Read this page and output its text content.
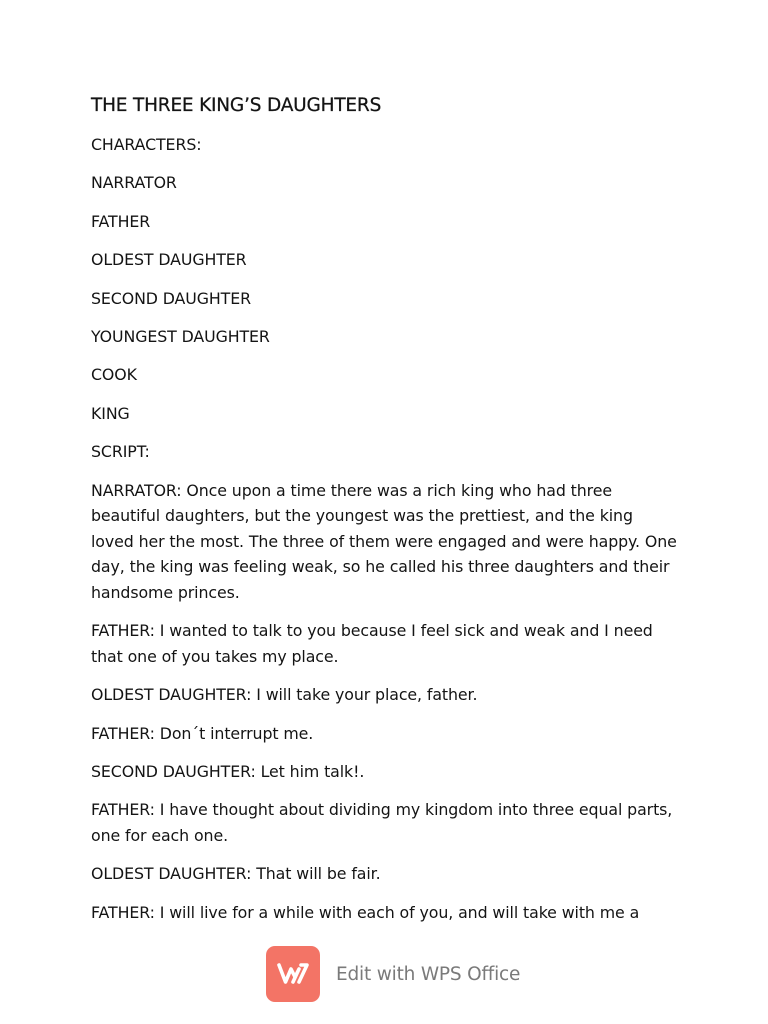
THE THREE KING’S DAUGHTERS
CHARACTERS:
NARRATOR
FATHER
OLDEST DAUGHTER
SECOND DAUGHTER
YOUNGEST DAUGHTER
COOK
KING
SCRIPT:
NARRATOR: Once upon a time there was a rich king who had three
beautiful daughters, but the youngest was the prettiest, and the king
loved her the most. The three of them were engaged and were happy. One
day, the king was feeling weak, so he called his three daughters and their
handsome princes.
FATHER: I wanted to talk to you because I feel sick and weak and I need
that one of you takes my place.
OLDEST DAUGHTER: I will take your place, father.
FATHER: Don´t interrupt me.
SECOND DAUGHTER: Let him talk!.
FATHER: I have thought about dividing my kingdom into three equal parts,
one for each one.
OLDEST DAUGHTER: That will be fair.
FATHER: I will live for a while with each of you, and will take with me a
Edit with WPS Office
